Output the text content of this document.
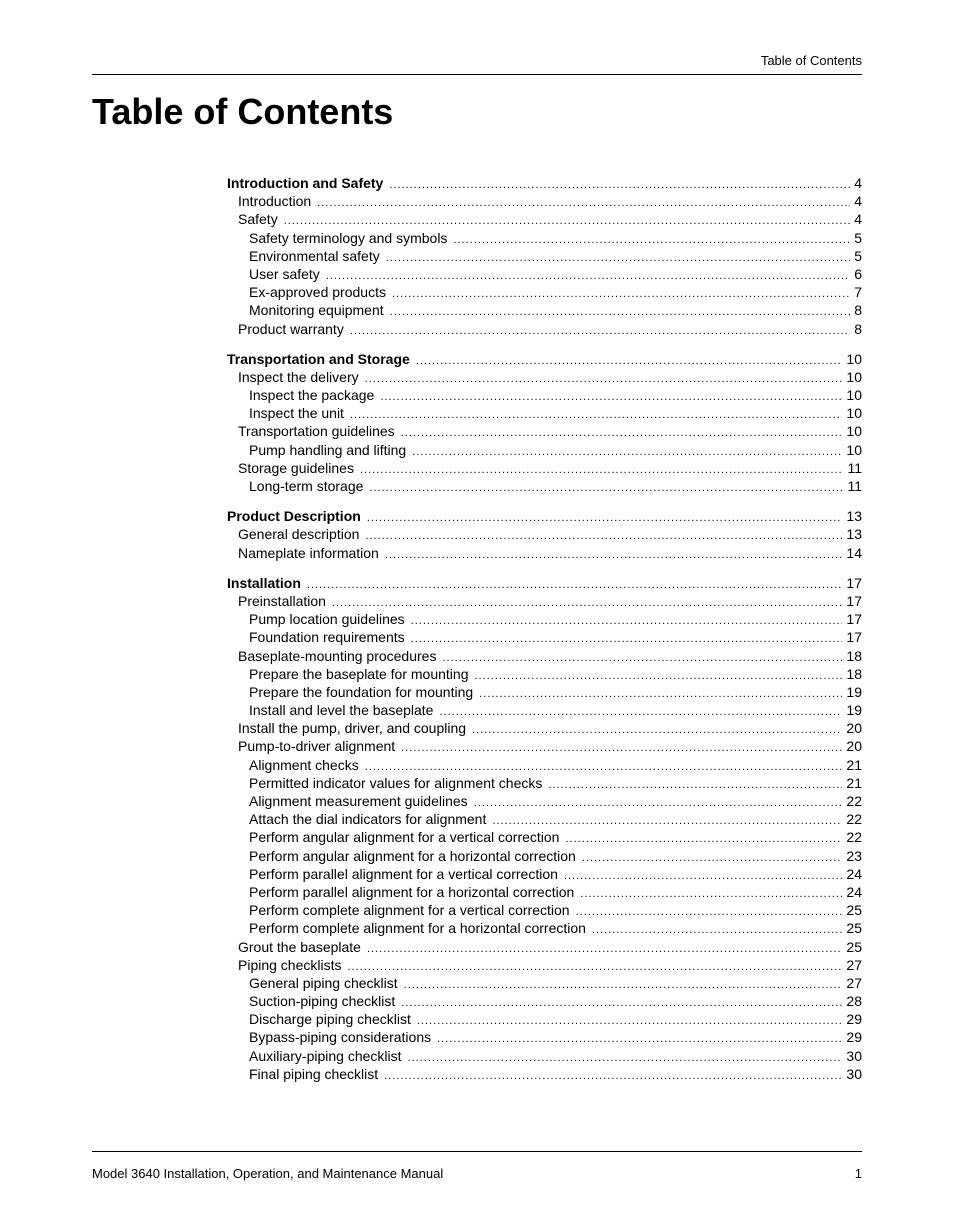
Table of Contents
Table of Contents
Introduction and Safety .....	4
Introduction .....	4
Safety .....	4
Safety terminology and symbols .....	5
Environmental safety .....	5
User safety .....	6
Ex-approved products .....	7
Monitoring equipment .....	8
Product warranty .....	8
Transportation and Storage .....	10
Inspect the delivery .....	10
Inspect the package .....	10
Inspect the unit .....	10
Transportation guidelines .....	10
Pump handling and lifting .....	10
Storage guidelines .....	11
Long-term storage .....	11
Product Description .....	13
General description .....	13
Nameplate information .....	14
Installation .....	17
Preinstallation .....	17
Pump location guidelines .....	17
Foundation requirements .....	17
Baseplate-mounting procedures .....	18
Prepare the baseplate for mounting .....	18
Prepare the foundation for mounting .....	19
Install and level the baseplate .....	19
Install the pump, driver, and coupling .....	20
Pump-to-driver alignment .....	20
Alignment checks .....	21
Permitted indicator values for alignment checks .....	21
Alignment measurement guidelines .....	22
Attach the dial indicators for alignment .....	22
Perform angular alignment for a vertical correction .....	22
Perform angular alignment for a horizontal correction .....	23
Perform parallel alignment for a vertical correction .....	24
Perform parallel alignment for a horizontal correction .....	24
Perform complete alignment for a vertical correction .....	25
Perform complete alignment for a horizontal correction .....	25
Grout the baseplate .....	25
Piping checklists .....	27
General piping checklist .....	27
Suction-piping checklist .....	28
Discharge piping checklist .....	29
Bypass-piping considerations .....	29
Auxiliary-piping checklist .....	30
Final piping checklist .....	30
Model 3640 Installation, Operation, and Maintenance Manual	1
